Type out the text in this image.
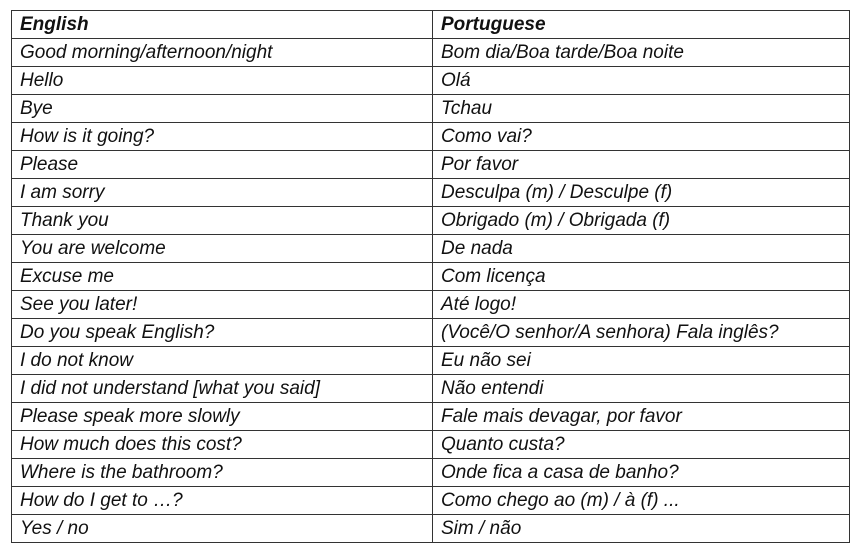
English	Portuguese
Good morning/afternoon/night	Bom dia/Boa tarde/Boa noite
Hello	Olá
Bye	Tchau
How is it going?	Como vai?
Please	Por favor
I am sorry	Desculpa (m) / Desculpe (f)
Thank you	Obrigado (m) / Obrigada (f)
You are welcome	De nada
Excuse me	Com licença
See you later!	Até logo!
Do you speak English?	(Você/O senhor/A senhora) Fala inglês?
I do not know	Eu não sei
I did not understand [what you said]	Não entendi
Please speak more slowly	Fale mais devagar, por favor
How much does this cost?	Quanto custa?
Where is the bathroom?	Onde fica a casa de banho?
How do I get to …?	Como chego ao (m) / à (f) ...
Yes / no	Sim / não
